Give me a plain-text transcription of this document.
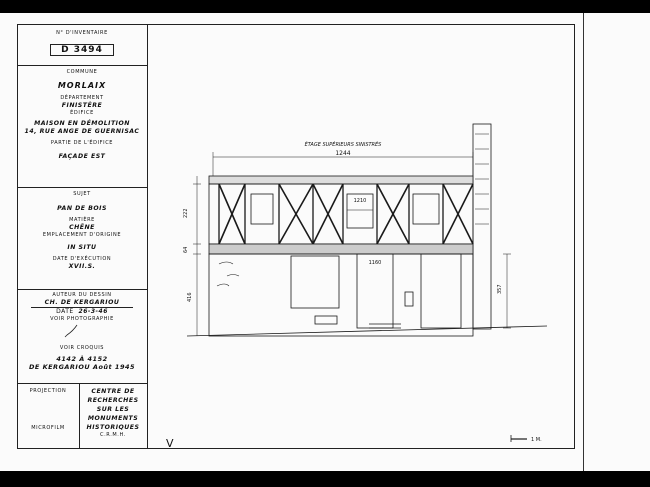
N° D'INVENTAIRE
D 3494
COMMUNE
MORLAIX
DÉPARTEMENT
FINISTÈRE
ÉDIFICE
MAISON EN DÉMOLITION
14, RUE ANGE DE GUERNISAC
PARTIE DE L'ÉDIFICE
FAÇADE EST
SUJET
PAN DE BOIS
MATIÈRE
CHÊNE
EMPLACEMENT D'ORIGINE
IN SITU
DATE D'EXÉCUTION
XVII.S.
AUTEUR DU DESSIN
CH. DE KERGARIOU
DATE 26-3-46
VOIR PHOTOGRAPHIE
VOIR CROQUIS
4142 À 4152
DE KERGARIOU Août 1945
PROJECTION
MICROFILM
CENTRE DE
RECHERCHES
SUR LES
MONUMENTS
HISTORIQUES
C.R.M.H.
ÉTAGE SUPÉRIEURS SINISTRÉS
1244
1210
1160
222
64
416
357
1 M.
V
